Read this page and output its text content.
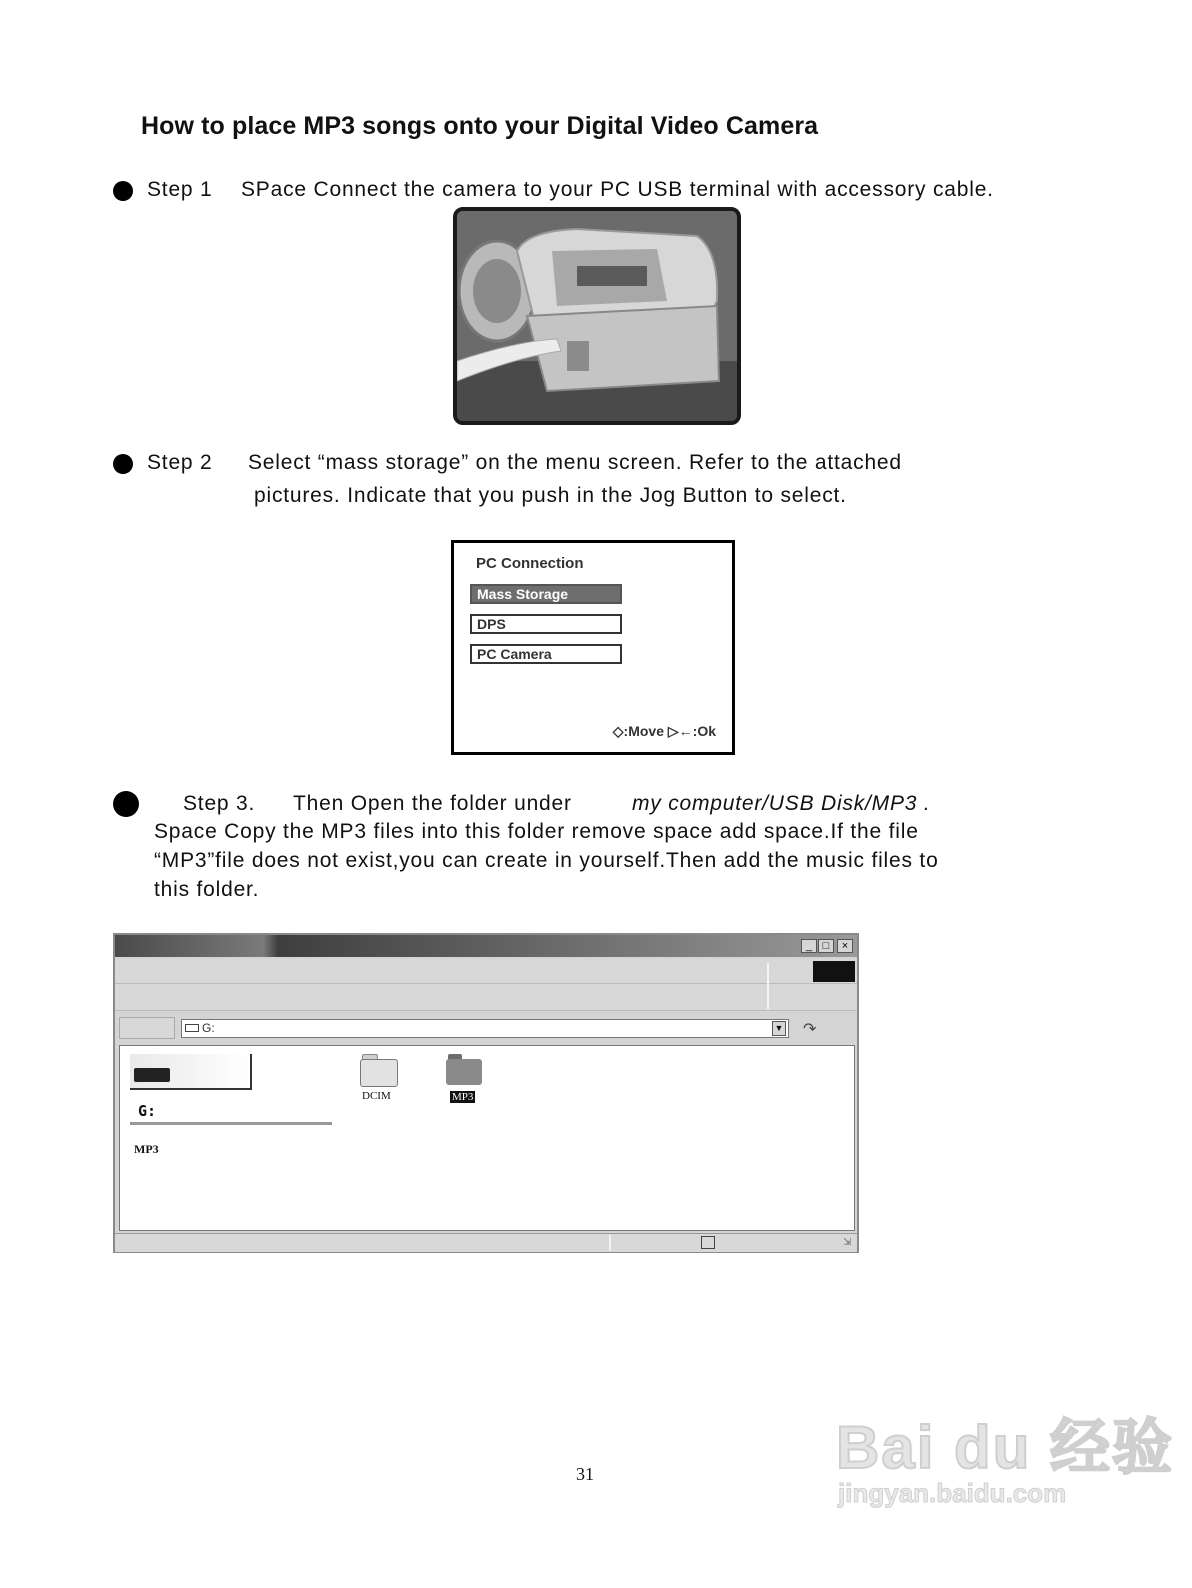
How to place MP3 songs onto your Digital Video Camera
Step 1 SPace Connect the camera to your PC USB terminal with accessory cable.
Step 2 Select “mass storage” on the menu screen. Refer to the attached
pictures. Indicate that you push in the Jog Button to select.
PC Connection
Mass Storage
DPS
PC Camera
◇:Move ▷←:Ok
Step 3. Then Open the folder under	my computer/USB Disk/MP3 .
Space Copy the MP3 files into this folder remove space add space.If the file
“MP3”file does not exist,you can create in yourself.Then add the music files to
this folder.
_ □	×
G:	▼ ↷
G:
MP3
DCIM	MP3
⇲
31	Bai du 经验
jingyan.baidu.com
